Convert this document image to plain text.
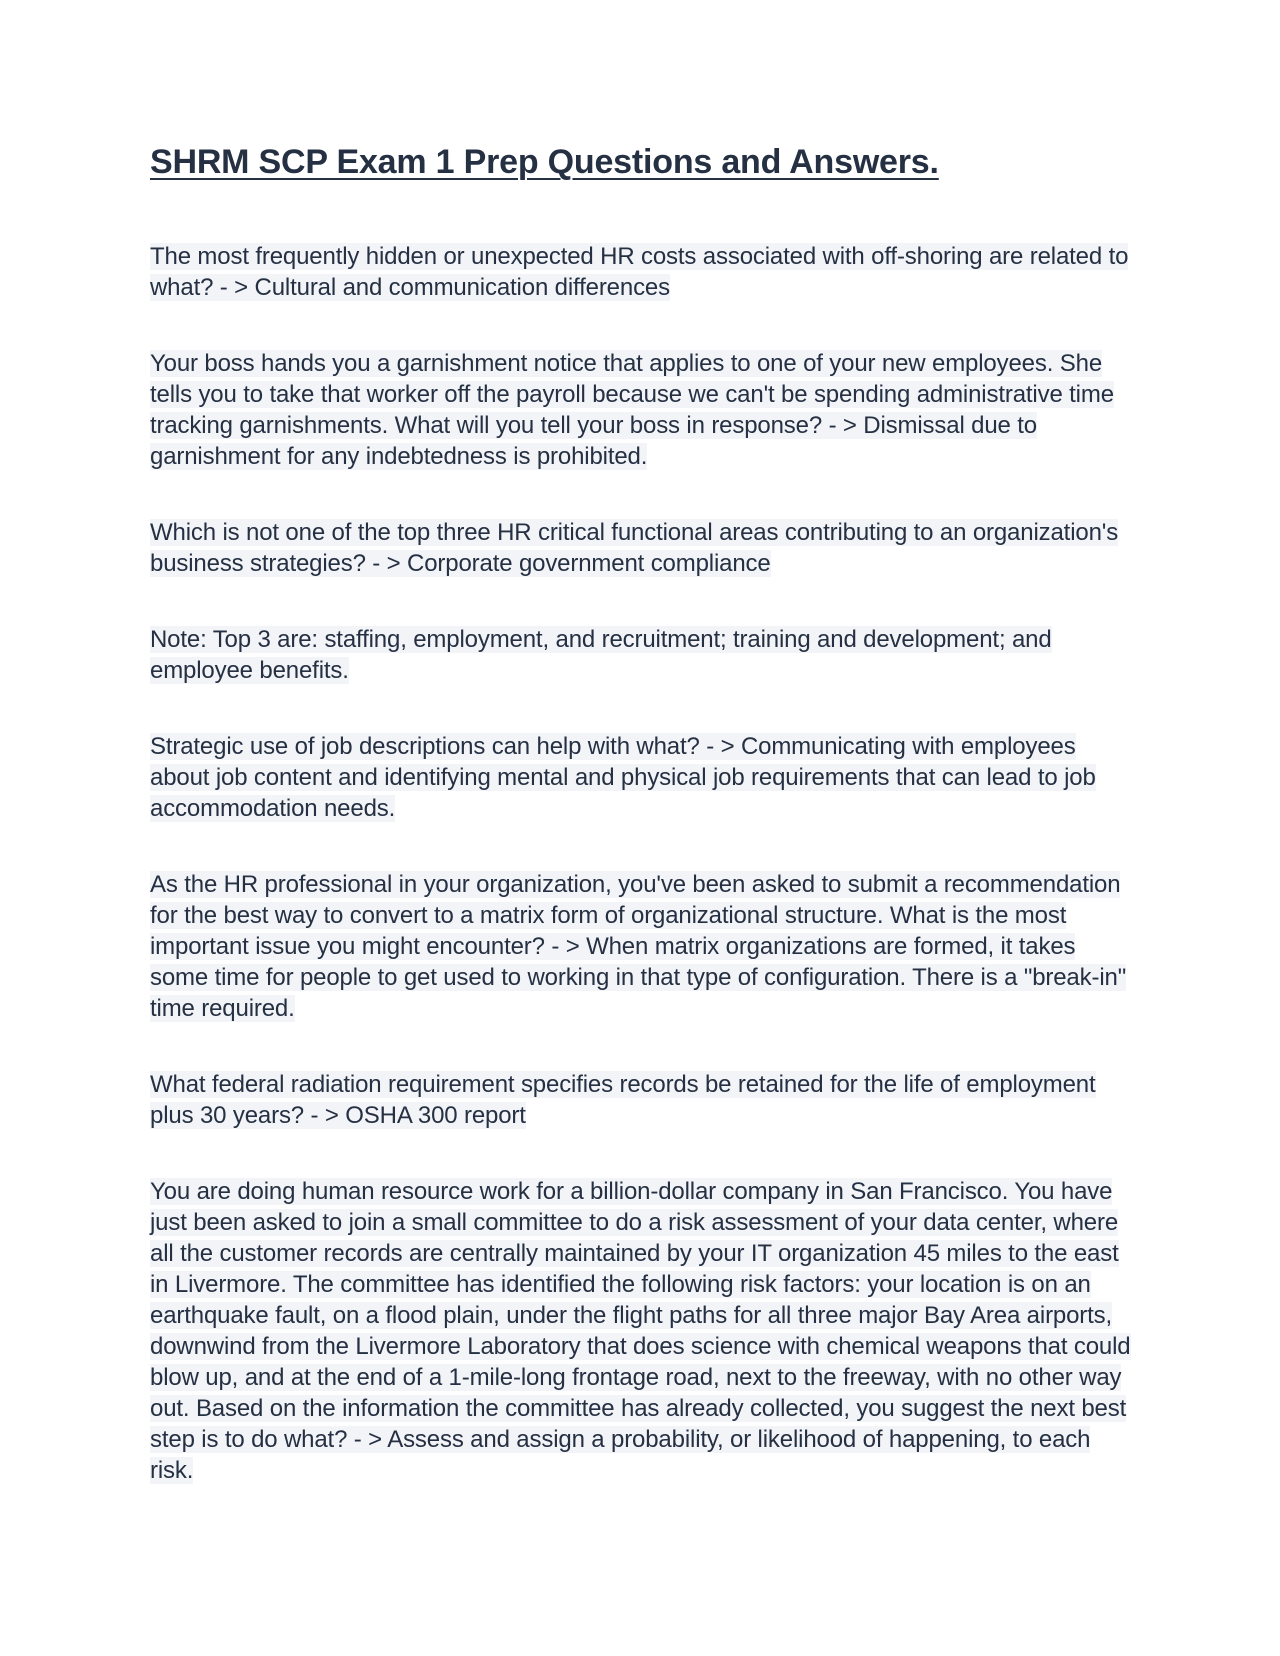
SHRM SCP Exam 1 Prep Questions and Answers.

The most frequently hidden or unexpected HR costs associated with off-shoring are related to what? - > Cultural and communication differences

Your boss hands you a garnishment notice that applies to one of your new employees. She tells you to take that worker off the payroll because we can't be spending administrative time tracking garnishments. What will you tell your boss in response? - > Dismissal due to garnishment for any indebtedness is prohibited.

Which is not one of the top three HR critical functional areas contributing to an organization's business strategies? - > Corporate government compliance

Note: Top 3 are: staffing, employment, and recruitment; training and development; and employee benefits.

Strategic use of job descriptions can help with what? - > Communicating with employees about job content and identifying mental and physical job requirements that can lead to job accommodation needs.

As the HR professional in your organization, you've been asked to submit a recommendation for the best way to convert to a matrix form of organizational structure. What is the most important issue you might encounter? - > When matrix organizations are formed, it takes some time for people to get used to working in that type of configuration. There is a "break-in" time required.

What federal radiation requirement specifies records be retained for the life of employment plus 30 years? - > OSHA 300 report

You are doing human resource work for a billion-dollar company in San Francisco. You have just been asked to join a small committee to do a risk assessment of your data center, where all the customer records are centrally maintained by your IT organization 45 miles to the east in Livermore. The committee has identified the following risk factors: your location is on an earthquake fault, on a flood plain, under the flight paths for all three major Bay Area airports, downwind from the Livermore Laboratory that does science with chemical weapons that could blow up, and at the end of a 1-mile-long frontage road, next to the freeway, with no other way out. Based on the information the committee has already collected, you suggest the next best step is to do what? - > Assess and assign a probability, or likelihood of happening, to each risk.
